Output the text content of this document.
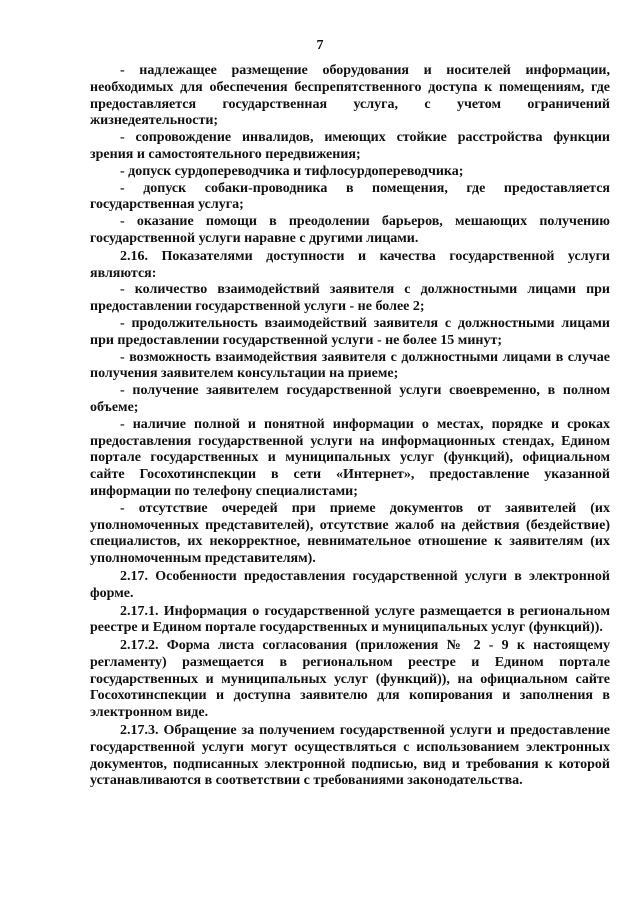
7

- надлежащее размещение оборудования и носителей информации, необходимых для обеспечения беспрепятственного доступа к помещениям, где предоставляется государственная услуга, с учетом ограничений жизнедеятельности;

- сопровождение инвалидов, имеющих стойкие расстройства функции зрения и самостоятельного передвижения;

- допуск сурдопереводчика и тифлосурдопереводчика;

- допуск собаки-проводника в помещения, где предоставляется государственная услуга;

- оказание помощи в преодолении барьеров, мешающих получению государственной услуги наравне с другими лицами.

2.16. Показателями доступности и качества государственной услуги являются:

- количество взаимодействий заявителя с должностными лицами при предоставлении государственной услуги - не более 2;

- продолжительность взаимодействий заявителя с должностными лицами при предоставлении государственной услуги - не более 15 минут;

- возможность взаимодействия заявителя с должностными лицами в случае получения заявителем консультации на приеме;

- получение заявителем государственной услуги своевременно, в полном объеме;

- наличие полной и понятной информации о местах, порядке и сроках предоставления государственной услуги на информационных стендах, Едином портале государственных и муниципальных услуг (функций), официальном сайте Госохотинспекции в сети «Интернет», предоставление указанной информации по телефону специалистами;

- отсутствие очередей при приеме документов от заявителей (их уполномоченных представителей), отсутствие жалоб на действия (бездействие) специалистов, их некорректное, невнимательное отношение к заявителям (их уполномоченным представителям).

2.17. Особенности предоставления государственной услуги в электронной форме.

2.17.1. Информация о государственной услуге размещается в региональном реестре и Едином портале государственных и муниципальных услуг (функций)).

2.17.2. Форма листа согласования (приложения № 2 - 9 к настоящему регламенту) размещается в региональном реестре и Едином портале государственных и муниципальных услуг (функций)), на официальном сайте Госохотинспекции и доступна заявителю для копирования и заполнения в электронном виде.

2.17.3. Обращение за получением государственной услуги и предоставление государственной услуги могут осуществляться с использованием электронных документов, подписанных электронной подписью, вид и требования к которой устанавливаются в соответствии с требованиями законодательства.
